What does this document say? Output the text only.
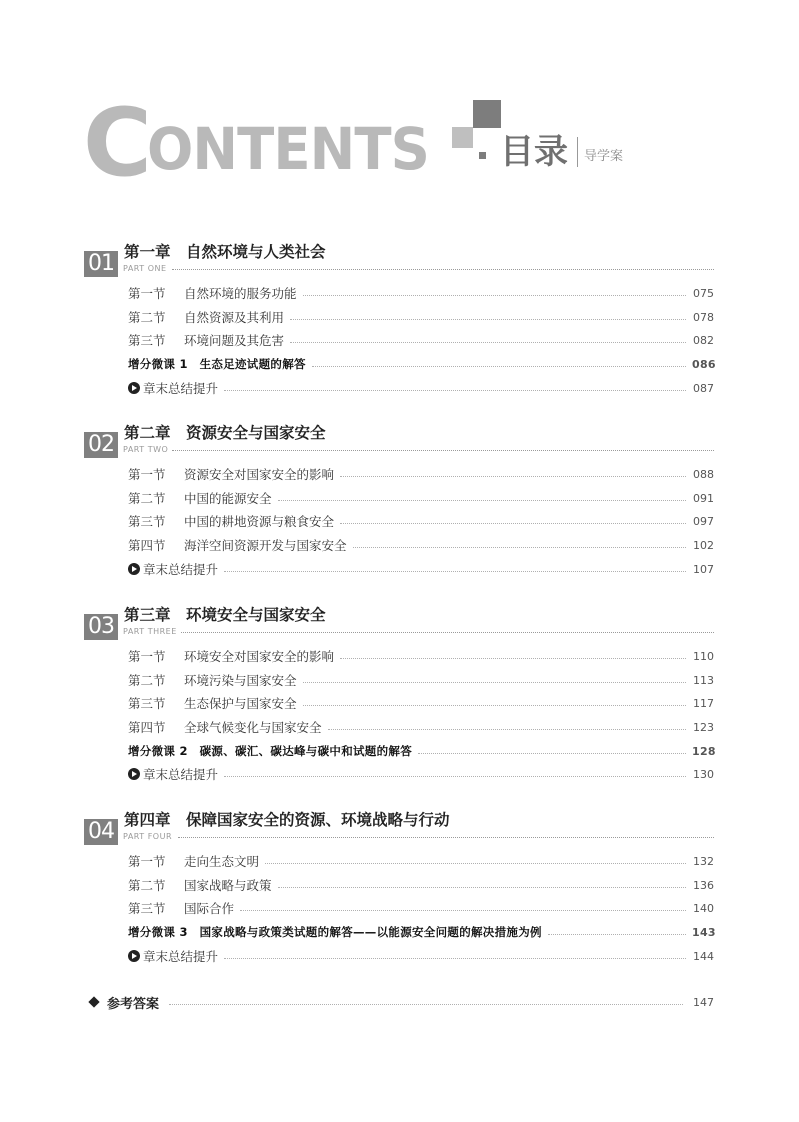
C
ONTENTS 目录 导学案
01 第一章　自然环境与人类社会
PART ONE
第一节	自然环境的服务功能	075
第二节	自然资源及其利用	078
第三节	环境问题及其危害	082
增分微课 1　生态足迹试题的解答	086
章末总结提升	087
02 第二章　资源安全与国家安全
PART TWO
第一节	资源安全对国家安全的影响	088
第二节	中国的能源安全	091
第三节	中国的耕地资源与粮食安全	097
第四节	海洋空间资源开发与国家安全	102
章末总结提升	107
03 第三章　环境安全与国家安全
PART THREE
第一节	环境安全对国家安全的影响	110
第二节	环境污染与国家安全	113
第三节	生态保护与国家安全	117
第四节	全球气候变化与国家安全	123
增分微课 2　碳源、碳汇、碳达峰与碳中和试题的解答	128
章末总结提升	130
04 第四章　保障国家安全的资源、环境战略与行动
PART FOUR
第一节	走向生态文明	132
第二节	国家战略与政策	136
第三节	国际合作	140
增分微课 3　国家战略与政策类试题的解答——以能源安全问题的解决措施为例	143
章末总结提升	144
参考答案	147
